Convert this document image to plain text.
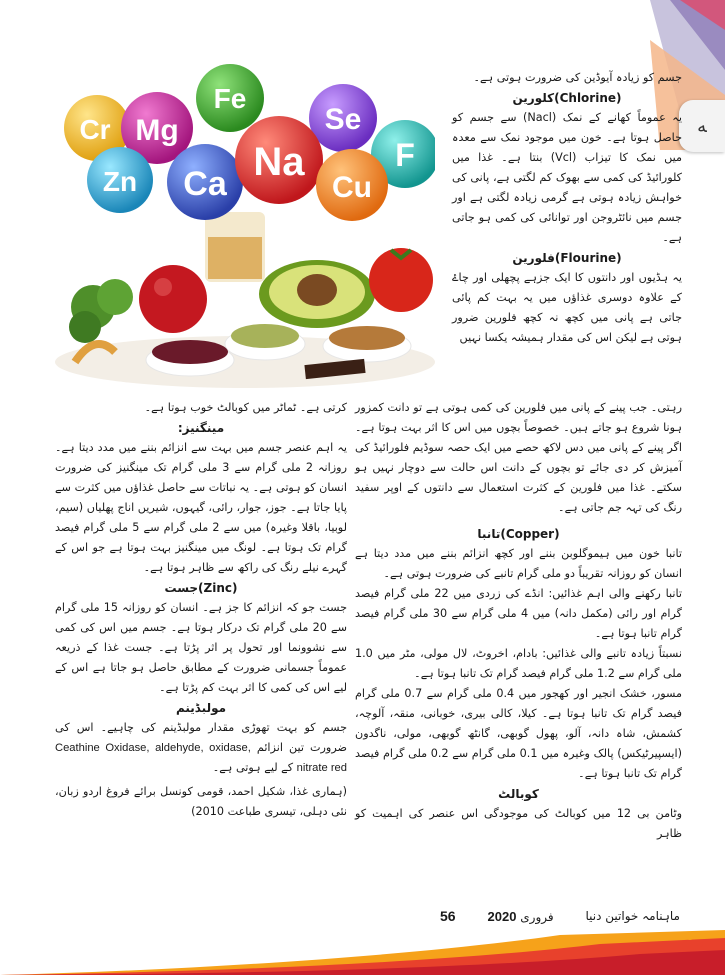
ﻪ
Cr Mg
Fe
Se
Zn Ca Na
Cu
F

جسم کو زیادہ آیوڈین کی ضرورت ہوتی ہے۔

(Chlorine)کلورین

یہ عموماً کھانے کے نمک (Nacl) سے جسم کو حاصل ہوتا ہے۔ خون میں موجود نمک سے معدہ میں نمک کا تیزاب (Vcl) بنتا ہے۔ غذا میں کلورائیڈ کی کمی سے بھوک کم لگتی ہے، پانی کی خواہش زیادہ ہوتی ہے گرمی زیادہ لگتی ہے اور جسم میں نائٹروجن اور توانائی کی کمی ہو جاتی ہے۔

(Flourine)فلورین

یہ ہڈیوں اور دانتوں کا ایک جزہے پچھلی اور چاۓ کے علاوہ دوسری غذاؤں میں یہ بہت کم پائی جاتی ہے پانی میں کچھ نہ کچھ فلورین ضرور ہوتی ہے لیکن اس کی مقدار ہمیشہ یکسا نہیں

رہتی۔ جب پینے کے پانی میں فلورین کی کمی ہوتی ہے تو دانت کمزور ہونا شروع ہو جاتے ہیں۔ خصوصاً بچوں میں اس کا اثر بہت ہوتا ہے۔ اگر پینے کے پانی میں دس لاکھ حصے میں ایک حصہ سوڈیم فلورائیڈ کی آمیزش کر دی جائے تو بچوں کے دانت اس حالت سے دوچار نہیں ہو سکتے۔ غذا میں فلورین کے کثرت استعمال سے دانتوں کے اوپر سفید رنگ کی تہہ جم جاتی ہے۔

(Copper)تانبا

تانبا خون میں ہیموگلوبن بننے اور کچھ انزائم بننے میں مدد دیتا ہے انسان کو روزانہ تقریباً دو ملی گرام تانبے کی ضرورت ہوتی ہے۔

تانبا رکھنے والی اہم غذائیں: انڈے کی زردی میں 22 ملی گرام فیصد گرام اور رائی (مکمل دانہ) میں 4 ملی گرام سے 30 ملی گرام فیصد گرام تانبا ہوتا ہے۔

نسبتاً زیادہ تانبے والی غذائیں: بادام، اخروٹ، لال مولی، مٹر میں 1.0 ملی گرام سے 1.2 ملی گرام فیصد گرام تک تانبا ہوتا ہے۔

مسور، خشک انجیر اور کھجور میں 0.4 ملی گرام سے 0.7 ملی گرام فیصد گرام تک تانبا ہوتا ہے۔ کیلا، کالی بیری، خوبانی، منقہ، آلوچہ، کشمش، شاہ دانہ، آلو، پھول گوبھی، گانٹھ گوبھی، مولی، ناگدون (ایسپیرٹیکس) پالک وغیرہ میں 0.1 ملی گرام سے 0.2 ملی گرام فیصد گرام تک تانبا ہوتا ہے۔

کوبالٹ

وٹامن بی 12 میں کوبالٹ کی موجودگی اس عنصر کی اہمیت کو ظاہر

کرتی ہے۔ ٹماٹر میں کوبالٹ خوب ہوتا ہے۔

مینگنیز:

یہ اہم عنصر جسم میں بہت سے انزائم بننے میں مدد دیتا ہے۔ روزانہ 2 ملی گرام سے 3 ملی گرام تک مینگنیز کی ضرورت انسان کو ہوتی ہے۔ یہ نباتات سے حاصل غذاؤں میں کثرت سے پایا جاتا ہے۔ جوز، جوار، رائی، گیہوں، شیریں اناج پھلیاں (سیم، لوبیا، باقلا وغیرہ) میں سے 2 ملی گرام سے 5 ملی گرام فیصد گرام تک ہوتا ہے۔ لونگ میں مینگنیز بہت ہوتا ہے جو اس کے گہرے نیلے رنگ کی راکھ سے ظاہر ہوتا ہے۔

(Zinc)جست

جست جو کہ انزائم کا جز ہے۔ انسان کو روزانہ 15 ملی گرام سے 20 ملی گرام تک درکار ہوتا ہے۔ جسم میں اس کی کمی سے نشوونما اور تحول پر اثر پڑتا ہے۔ جست غذا کے ذریعہ عموماً جسمانی ضرورت کے مطابق حاصل ہو جاتا ہے اس کے لیے اس کی کمی کا اثر بہت کم پڑتا ہے۔

مولبڈینم

جسم کو بہت تھوڑی مقدار مولبڈینم کی چاہیے۔ اس کی ضرورت تین انزائم Ceathine Oxidase, aldehyde, oxidase, nitrate red کے لیے ہوتی ہے۔

(ہماری غذا، شکیل احمد، قومی کونسل برائے فروغ اردو زبان، نئی دہلی، تیسری طباعت 2010)

ماہنامہ خواتین دنیا
فروری 2020
56
